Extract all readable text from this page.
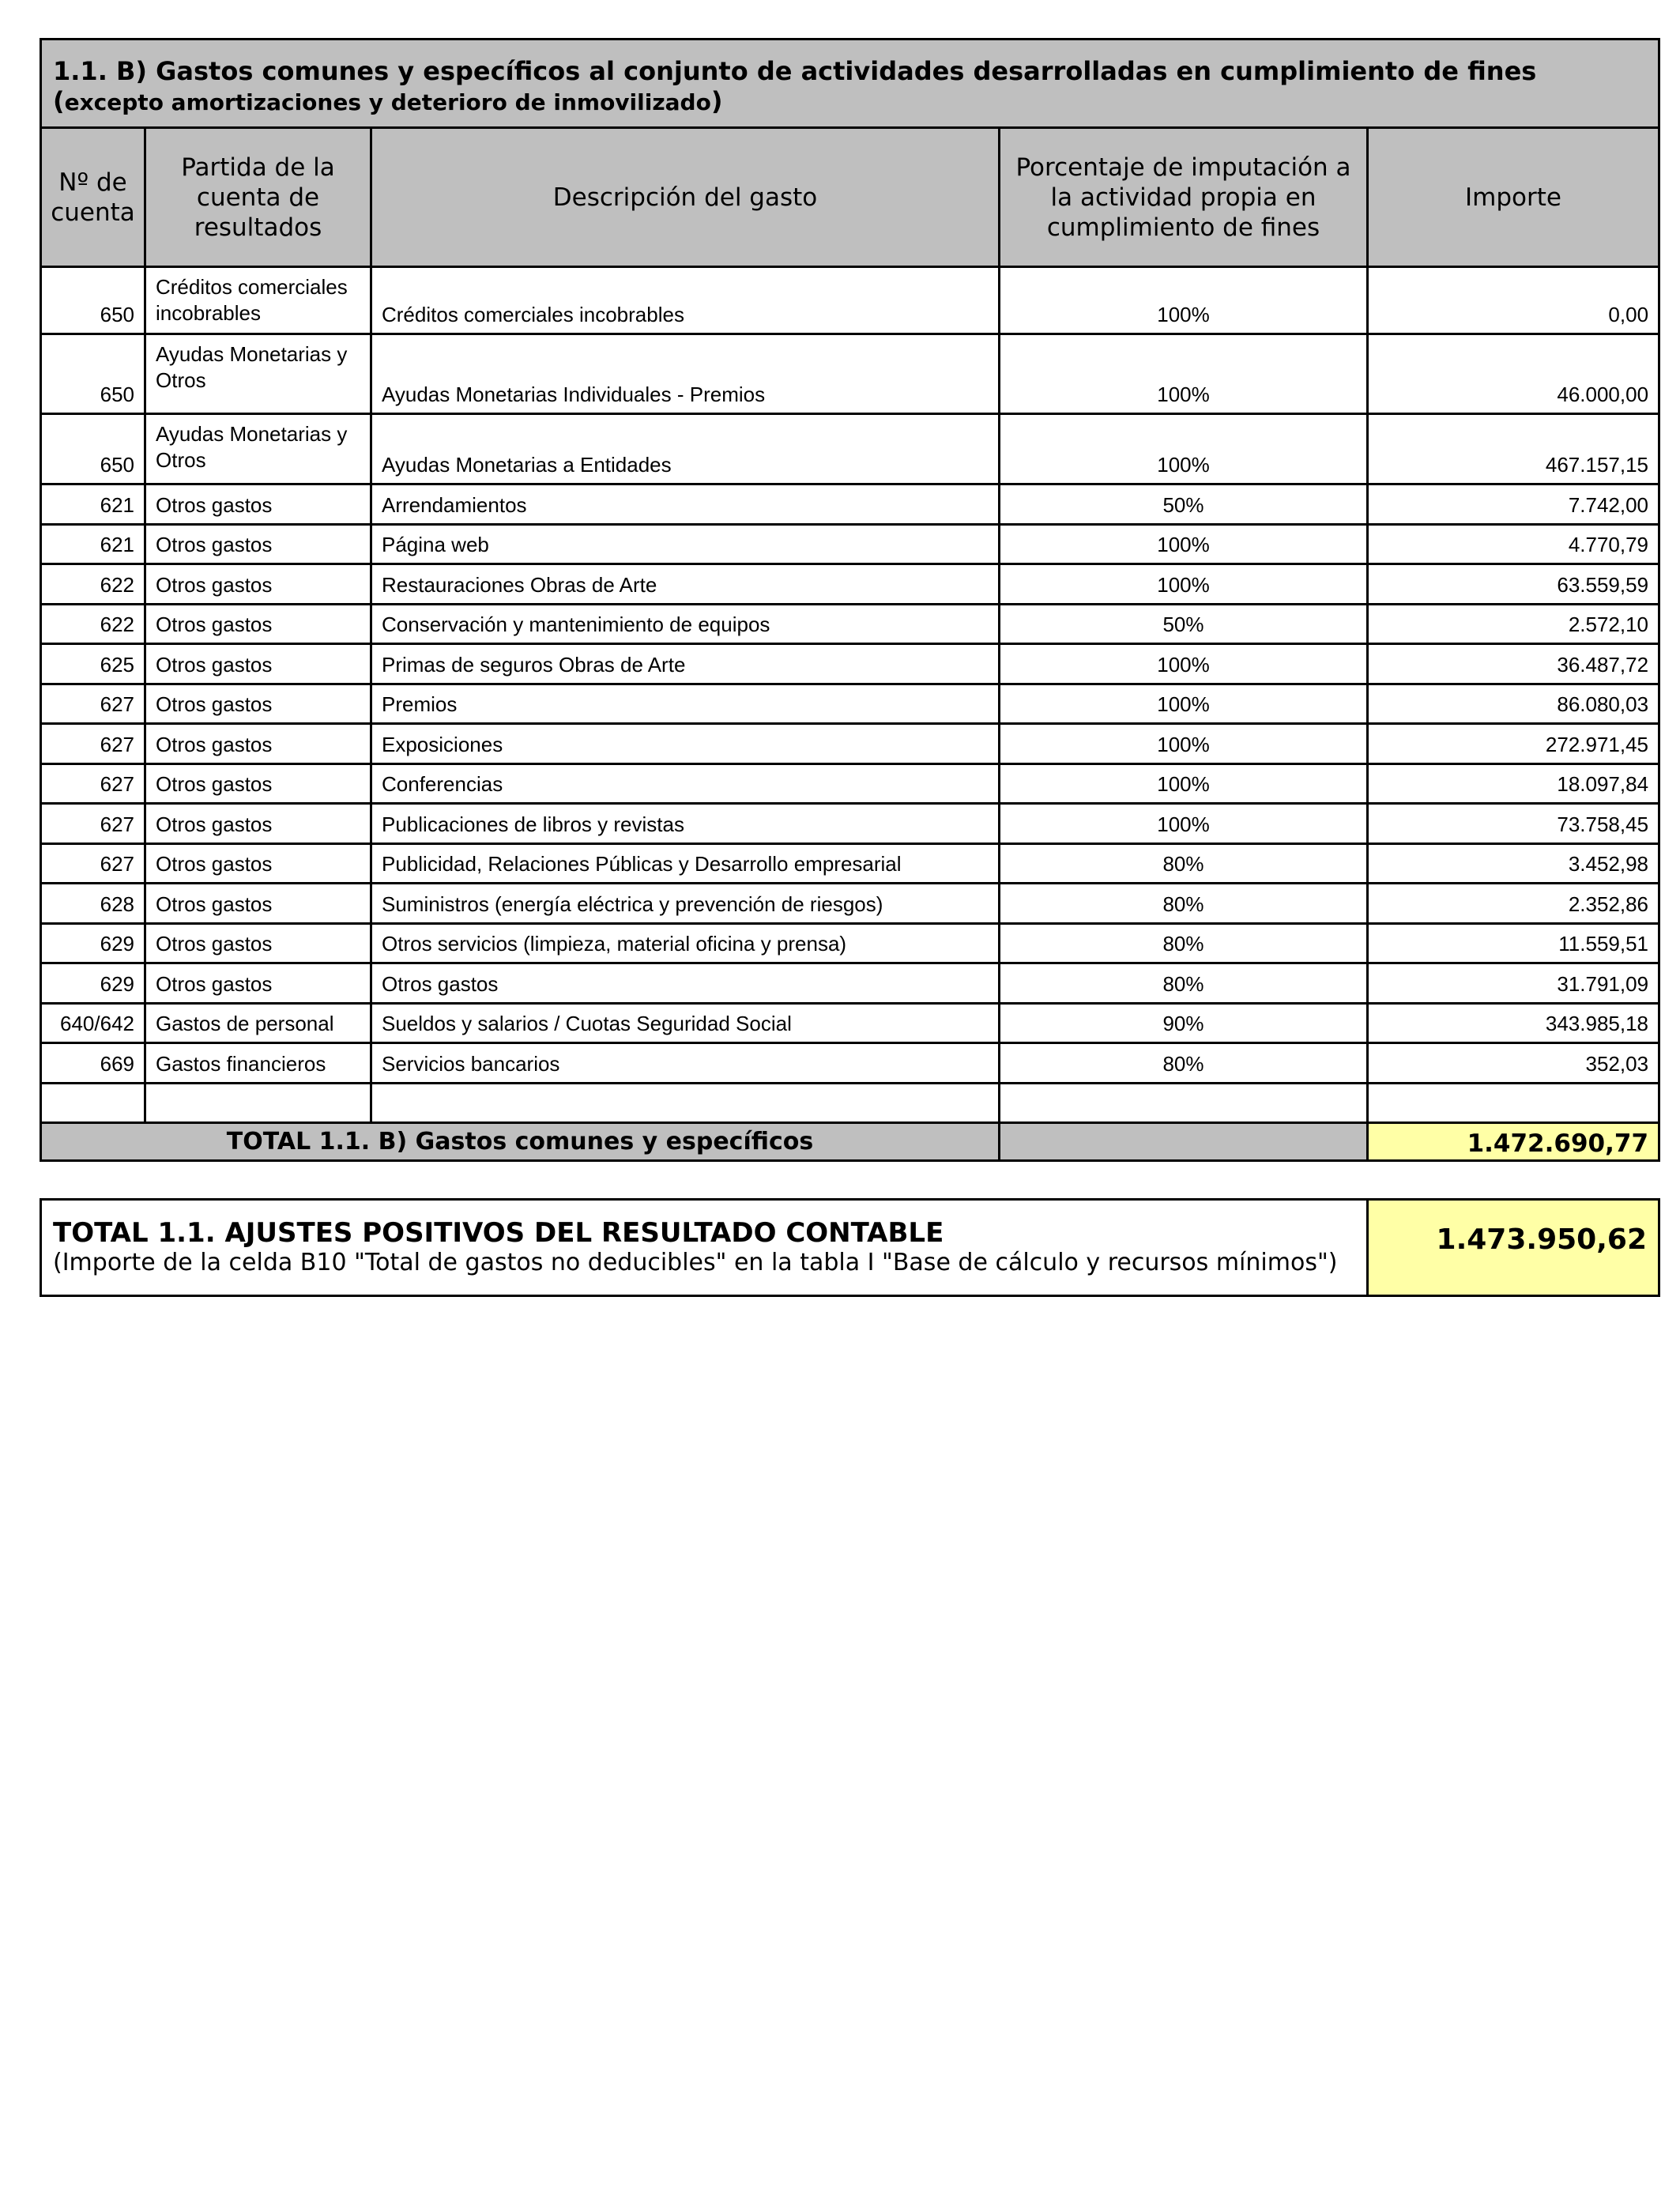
1.1. B) Gastos comunes y específicos al conjunto de actividades desarrolladas en cumplimiento de fines (excepto amortizaciones y deterioro de inmovilizado)				
Nº de cuenta	Partida de la cuenta de resultados	Descripción del gasto	Porcentaje de imputación a la actividad propia en cumplimiento de fines	Importe
650	Créditos comerciales incobrables	Créditos comerciales incobrables	100%	0,00
650	Ayudas Monetarias y Otros	Ayudas Monetarias Individuales - Premios	100%	46.000,00
650	Ayudas Monetarias y Otros	Ayudas Monetarias a Entidades	100%	467.157,15
621	Otros gastos	Arrendamientos	50%	7.742,00
621	Otros gastos	Página web	100%	4.770,79
622	Otros gastos	Restauraciones Obras de Arte	100%	63.559,59
622	Otros gastos	Conservación y mantenimiento de equipos	50%	2.572,10
625	Otros gastos	Primas de seguros Obras de Arte	100%	36.487,72
627	Otros gastos	Premios	100%	86.080,03
627	Otros gastos	Exposiciones	100%	272.971,45
627	Otros gastos	Conferencias	100%	18.097,84
627	Otros gastos	Publicaciones de libros y revistas	100%	73.758,45
627	Otros gastos	Publicidad, Relaciones Públicas y Desarrollo empresarial	80%	3.452,98
628	Otros gastos	Suministros (energía eléctrica y prevención de riesgos)	80%	2.352,86
629	Otros gastos	Otros servicios (limpieza, material oficina y prensa)	80%	11.559,51
629	Otros gastos	Otros gastos	80%	31.791,09
640/642	Gastos de personal	Sueldos y salarios / Cuotas Seguridad Social	90%	343.985,18
669	Gastos financieros	Servicios bancarios	80%	352,03

TOTAL 1.1. B) Gastos comunes y específicos				1.472.690,77
TOTAL 1.1. AJUSTES POSITIVOS DEL RESULTADO CONTABLE
(Importe de la celda B10 "Total de gastos no deducibles" en la tabla I "Base de cálculo y recursos mínimos")
	1.473.950,62
